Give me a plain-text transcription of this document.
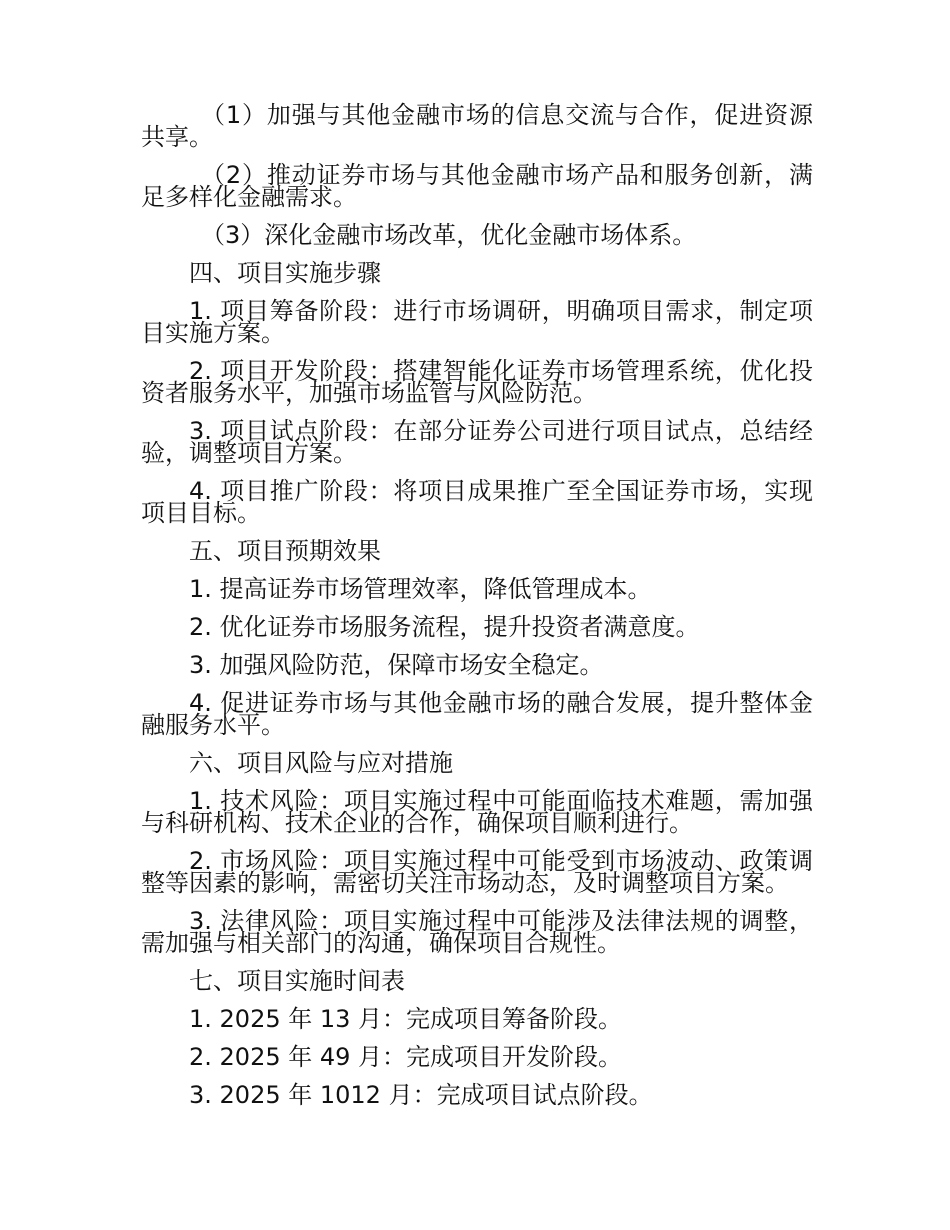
（1）加强与其他金融市场的信息交流与合作，促进资源共享。

（2）推动证券市场与其他金融市场产品和服务创新，满足多样化金融需求。

（3）深化金融市场改革，优化金融市场体系。

四、项目实施步骤

1. 项目筹备阶段：进行市场调研，明确项目需求，制定项目实施方案。

2. 项目开发阶段：搭建智能化证券市场管理系统，优化投资者服务水平，加强市场监管与风险防范。

3. 项目试点阶段：在部分证券公司进行项目试点，总结经验，调整项目方案。

4. 项目推广阶段：将项目成果推广至全国证券市场，实现项目目标。

五、项目预期效果

1. 提高证券市场管理效率，降低管理成本。

2. 优化证券市场服务流程，提升投资者满意度。

3. 加强风险防范，保障市场安全稳定。

4. 促进证券市场与其他金融市场的融合发展，提升整体金融服务水平。

六、项目风险与应对措施

1. 技术风险：项目实施过程中可能面临技术难题，需加强与科研机构、技术企业的合作，确保项目顺利进行。

2. 市场风险：项目实施过程中可能受到市场波动、政策调整等因素的影响，需密切关注市场动态，及时调整项目方案。

3. 法律风险：项目实施过程中可能涉及法律法规的调整，需加强与相关部门的沟通，确保项目合规性。

七、项目实施时间表

1. 2025 年 13 月：完成项目筹备阶段。

2. 2025 年 49 月：完成项目开发阶段。

3. 2025 年 1012 月：完成项目试点阶段。
